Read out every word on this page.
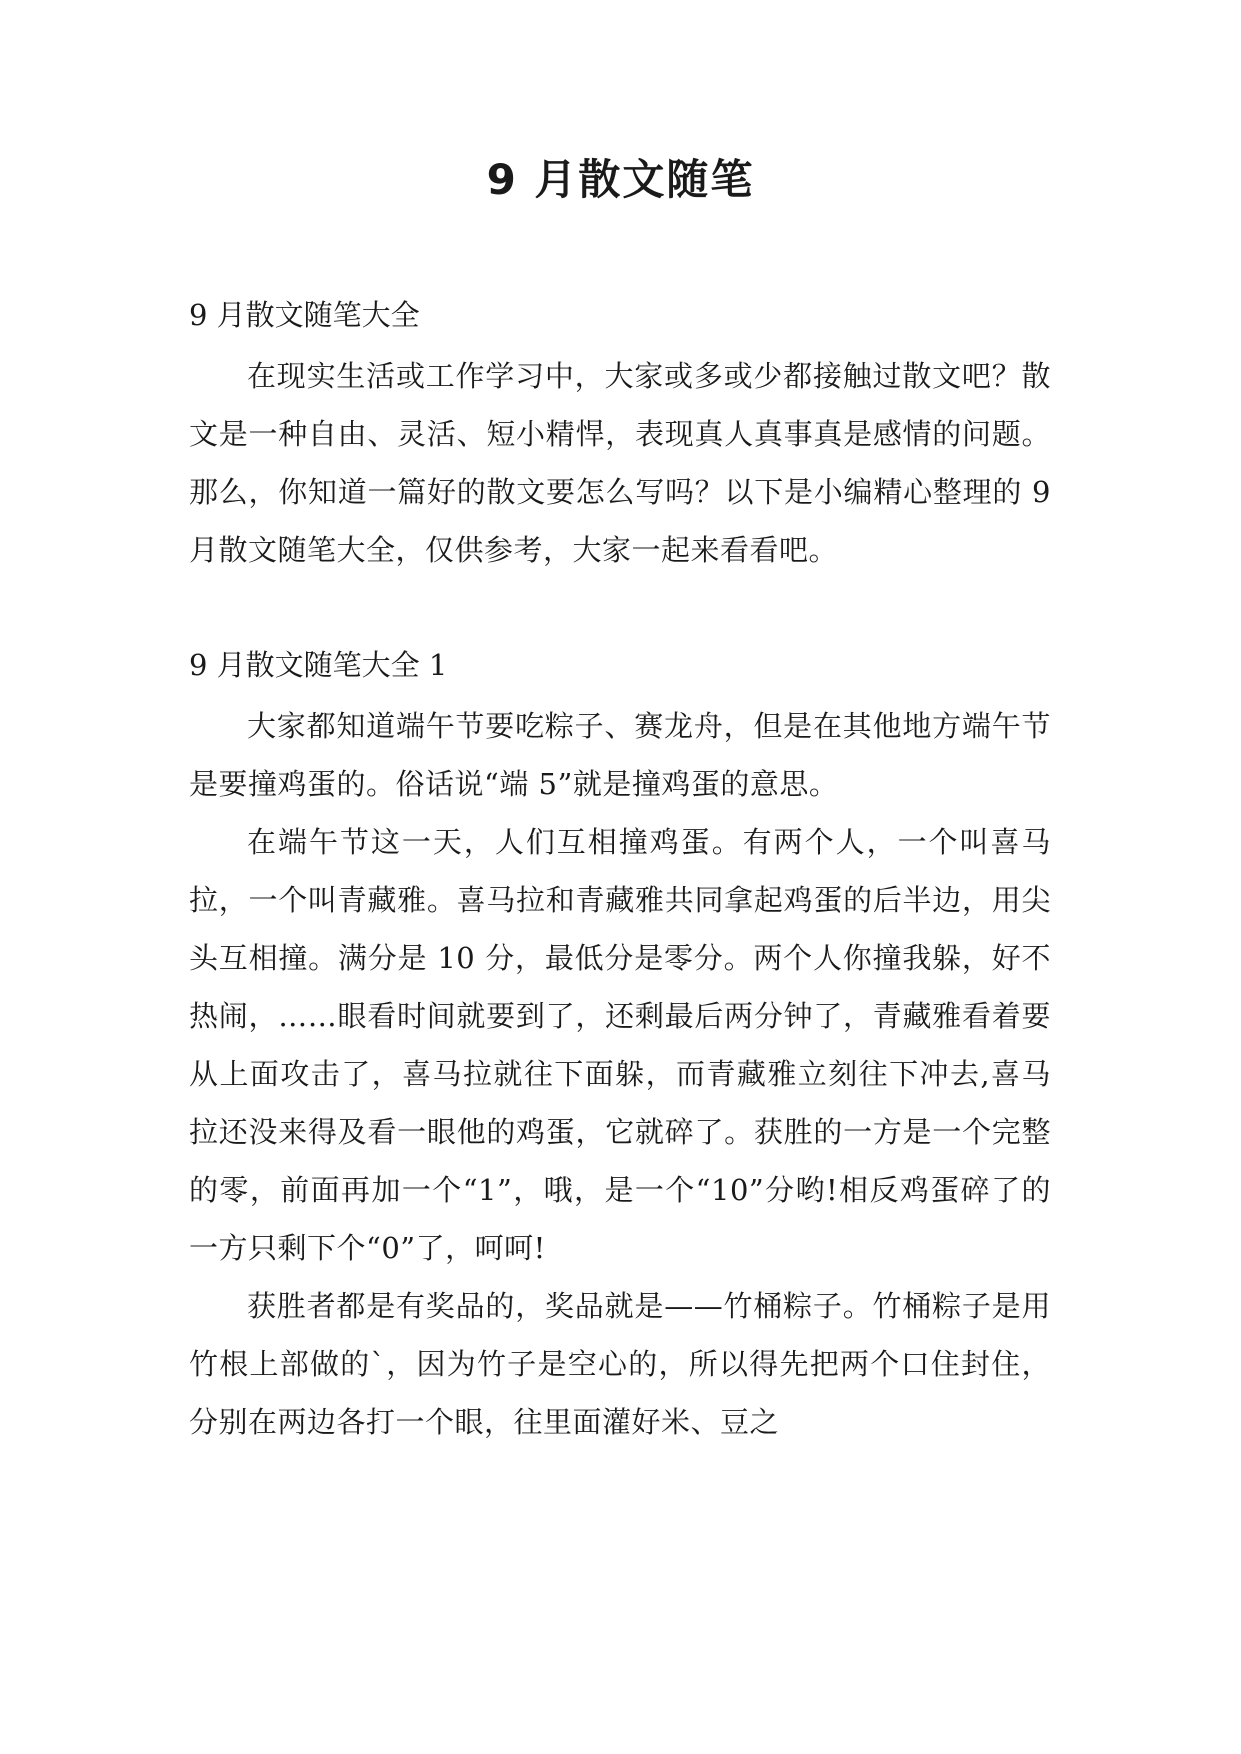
9 月散文随笔

9 月散文随笔大全

在现实生活或工作学习中，大家或多或少都接触过散文吧？散文是一种自由、灵活、短小精悍，表现真人真事真是感情的问题。那么，你知道一篇好的散文要怎么写吗？以下是小编精心整理的 9 月散文随笔大全，仅供参考，大家一起来看看吧。

9 月散文随笔大全 1

大家都知道端午节要吃粽子、赛龙舟，但是在其他地方端午节是要撞鸡蛋的。俗话说“端 5”就是撞鸡蛋的意思。

在端午节这一天，人们互相撞鸡蛋。有两个人，一个叫喜马拉，一个叫青藏雅。喜马拉和青藏雅共同拿起鸡蛋的后半边，用尖头互相撞。满分是 10 分，最低分是零分。两个人你撞我躲，好不热闹，……眼看时间就要到了，还剩最后两分钟了，青藏雅看着要从上面攻击了，喜马拉就往下面躲，而青藏雅立刻往下冲去,喜马拉还没来得及看一眼他的鸡蛋，它就碎了。获胜的一方是一个完整的零，前面再加一个“1”，哦，是一个“10”分哟!相反鸡蛋碎了的一方只剩下个“0”了，呵呵!

获胜者都是有奖品的，奖品就是——竹桶粽子。竹桶粽子是用竹根上部做的`，因为竹子是空心的，所以得先把两个口住封住，分别在两边各打一个眼，往里面灌好米、豆之
